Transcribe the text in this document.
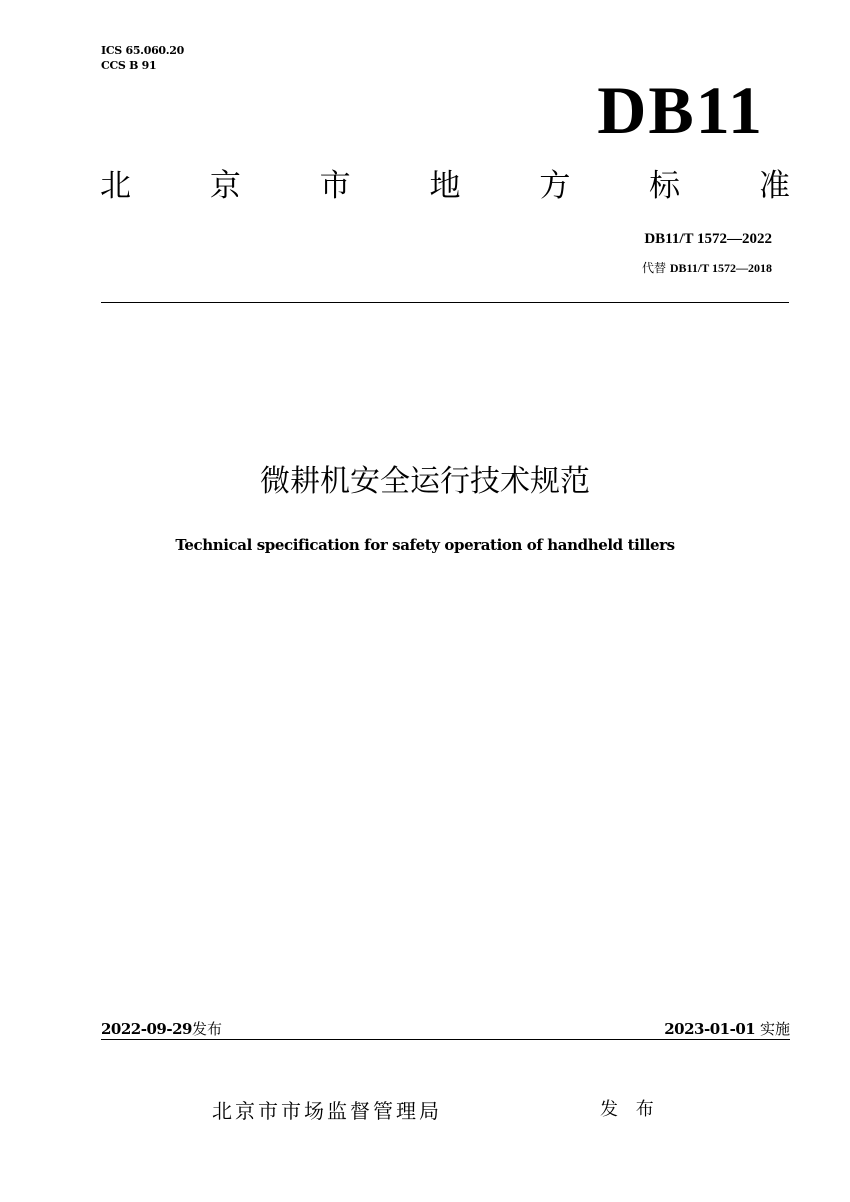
ICS 65.060.20
CCS B 91
DB11
北	京	市	地	方	标	准
DB11/T 1572—2022
代替 DB11/T 1572—2018
微耕机安全运行技术规范
Technical specification for safety operation of handheld tillers
2022-09-29发布	2023-01-01 实施
北京市市场监督管理局	发 布
